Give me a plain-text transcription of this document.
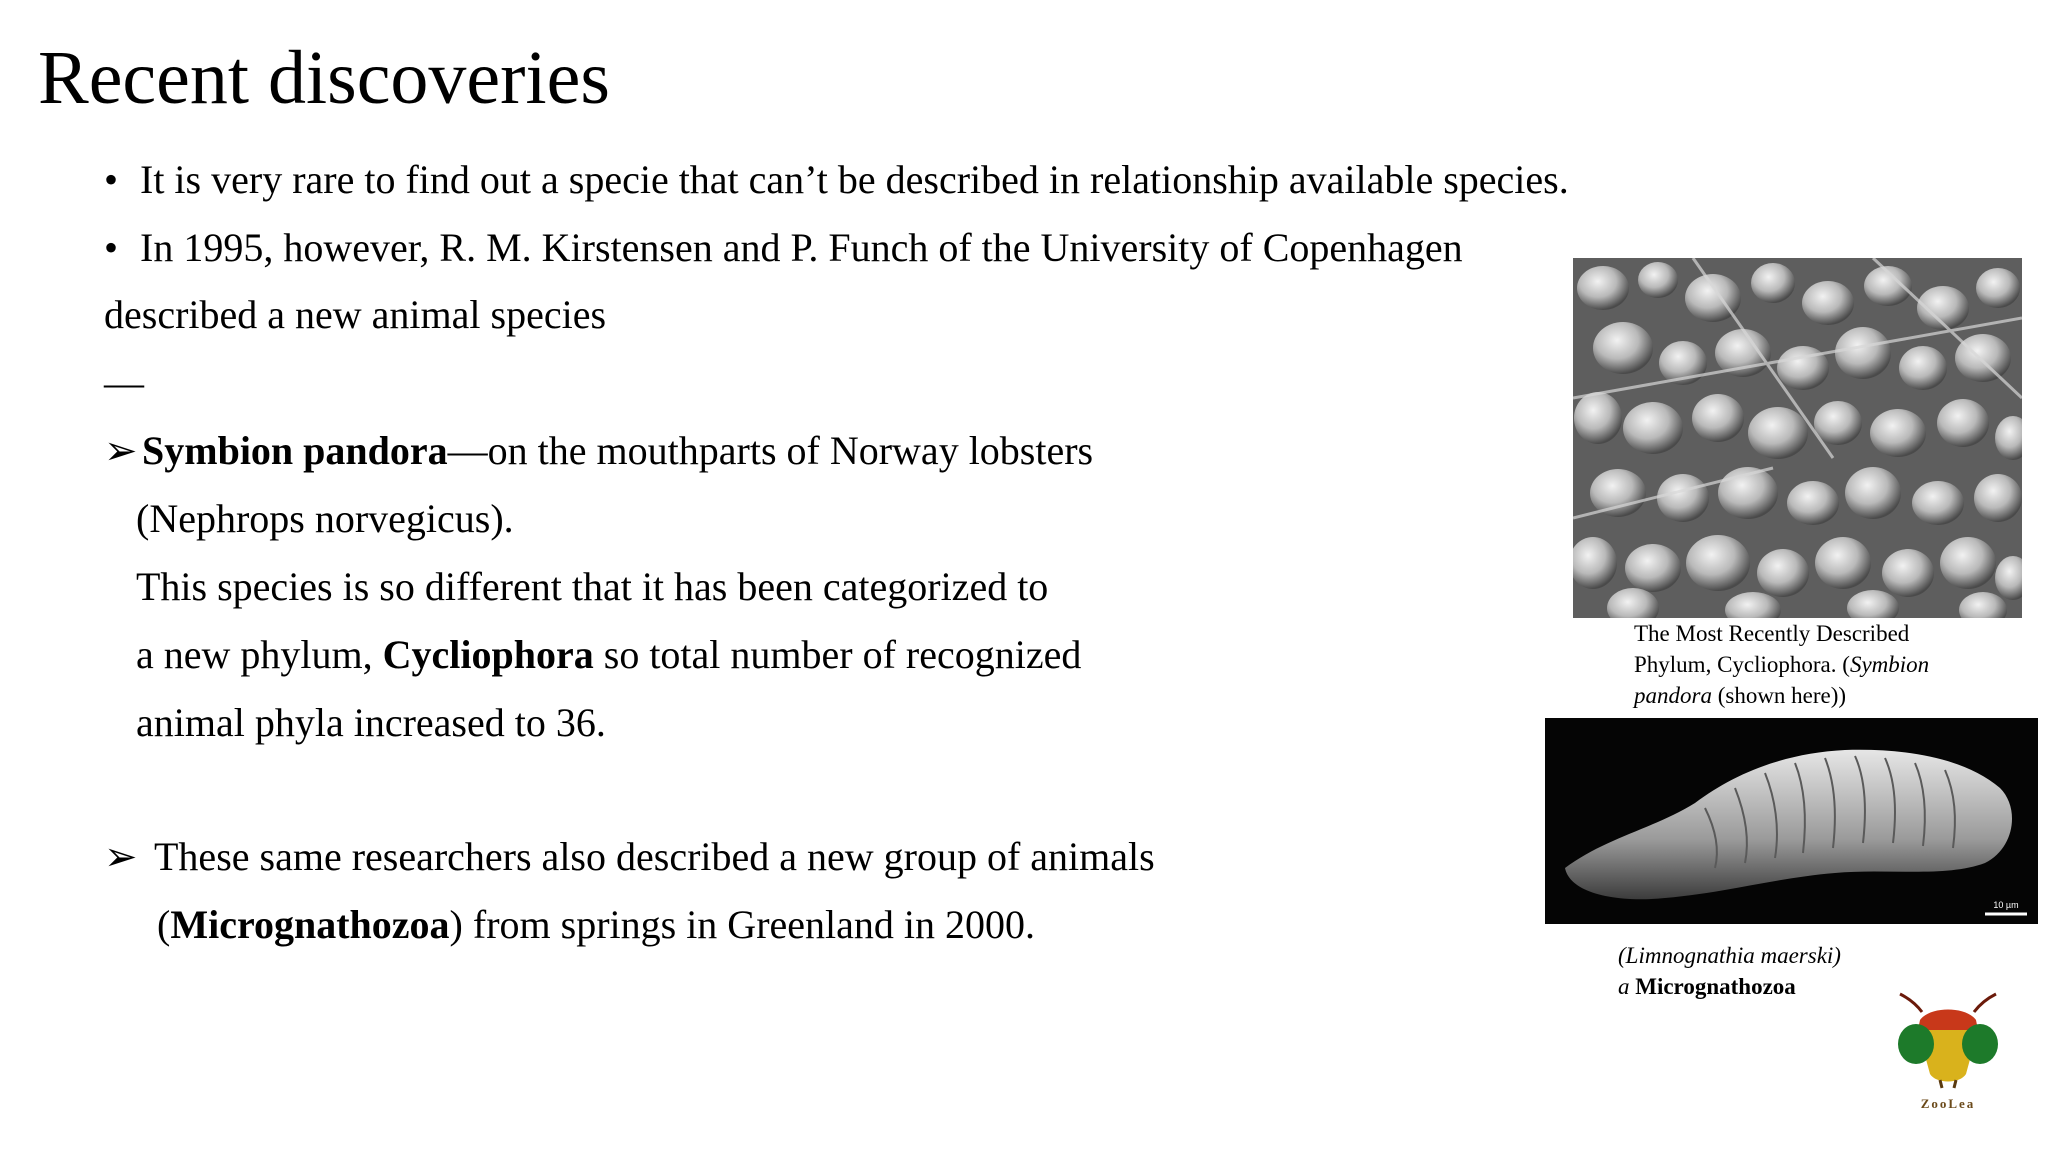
Recent discoveries
• It is very rare to find out a specie that can’t be described in relationship available species.
• In 1995, however, R. M. Kirstensen and P. Funch of the University of Copenhagen
described a new animal species
—
➢ Symbion pandora—on the mouthparts of Norway lobsters
(Nephrops norvegicus).
This species is so different that it has been categorized to
a new phylum, Cycliophora so total number of recognized
animal phyla increased to 36.
➢ These same researchers also described a new group of animals
(Micrognathozoa) from springs in Greenland in 2000.
The Most Recently Described
Phylum, Cycliophora. (Symbion
pandora (shown here))
10 µm
(Limnognathia maerski)
a Micrognathozoa
ZooLea
